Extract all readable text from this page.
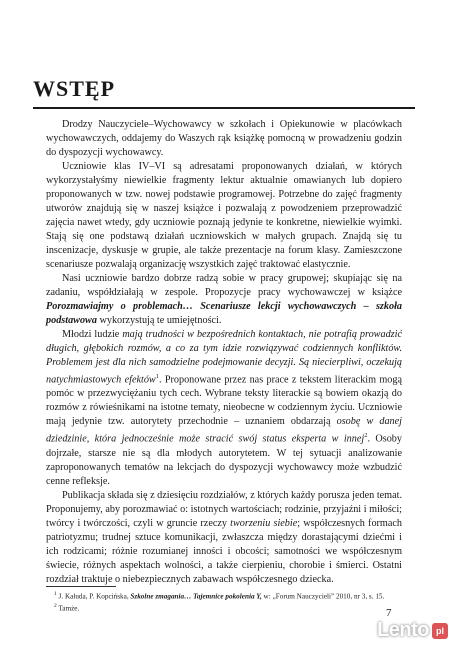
WSTĘP

Drodzy Nauczyciele–Wychowawcy w szkołach i Opiekunowie w placówkach wychowawczych, oddajemy do Waszych rąk książkę pomocną w prowadzeniu godzin do dyspozycji wychowawcy.

Uczniowie klas IV–VI są adresatami proponowanych działań, w których wykorzystałyśmy niewielkie fragmenty lektur aktualnie omawianych lub dopiero proponowanych w tzw. nowej podstawie programowej. Potrzebne do zajęć fragmenty utworów znajdują się w naszej książce i pozwalają z powodzeniem przeprowadzić zajęcia nawet wtedy, gdy uczniowie poznają jedynie te konkretne, niewielkie wyimki. Stają się one podstawą działań uczniowskich w małych grupach. Znajdą się tu inscenizacje, dyskusje w grupie, ale także prezentacje na forum klasy. Zamieszczone scenariusze pozwalają organizację wszystkich zajęć traktować elastycznie.

Nasi uczniowie bardzo dobrze radzą sobie w pracy grupowej; skupiając się na zadaniu, współdziałają w zespole. Propozycje pracy wychowawczej w książce Porozmawiajmy o problemach… Scenariusze lekcji wychowawczych – szkoła podstawowa wykorzystują te umiejętności.

Młodzi ludzie mają trudności w bezpośrednich kontaktach, nie potrafią prowadzić długich, głębokich rozmów, a co za tym idzie rozwiązywać codziennych konfliktów. Problemem jest dla nich samodzielne podejmowanie decyzji. Są niecierpliwi, oczekują natychmiastowych efektów$^1$. Proponowane przez nas prace z tekstem literackim mogą pomóc w przezwyciężaniu tych cech. Wybrane teksty literackie są bowiem okazją do rozmów z rówieśnikami na istotne tematy, nieobecne w codziennym życiu. Uczniowie mają jedynie tzw. autorytety przechodnie – uznaniem obdarzają osobę w danej dziedzinie, która jednocześnie może stracić swój status eksperta w innej$^2$. Osoby dojrzałe, starsze nie są dla młodych autorytetem. W tej sytuacji analizowanie zaproponowanych tematów na lekcjach do dyspozycji wychowawcy może wzbudzić cenne refleksje.

Publikacja składa się z dziesięciu rozdziałów, z których każdy porusza jeden temat. Proponujemy, aby porozmawiać o: istotnych wartościach; rodzinie, przyjaźni i miłości; twórcy i twórczości, czyli w gruncie rzeczy tworzeniu siebie; współczesnych formach patriotyzmu; trudnej sztuce komunikacji, zwłaszcza między dorastającymi dziećmi i ich rodzicami; różnie rozumianej inności i obcości; samotności we współczesnym świecie, różnych aspektach wolności, a także cierpieniu, chorobie i śmierci. Ostatni rozdział traktuje o niebezpiecznych zabawach współczesnego dziecka.

$^1$ J. Kałuda, P. Kopcińska, Szkolne zmagania… Tajemnice pokolenia Y, w: „Forum Nauczycieli” 2010, nr 3, s. 15.

$^2$ Tamże.	7
Lento pl
